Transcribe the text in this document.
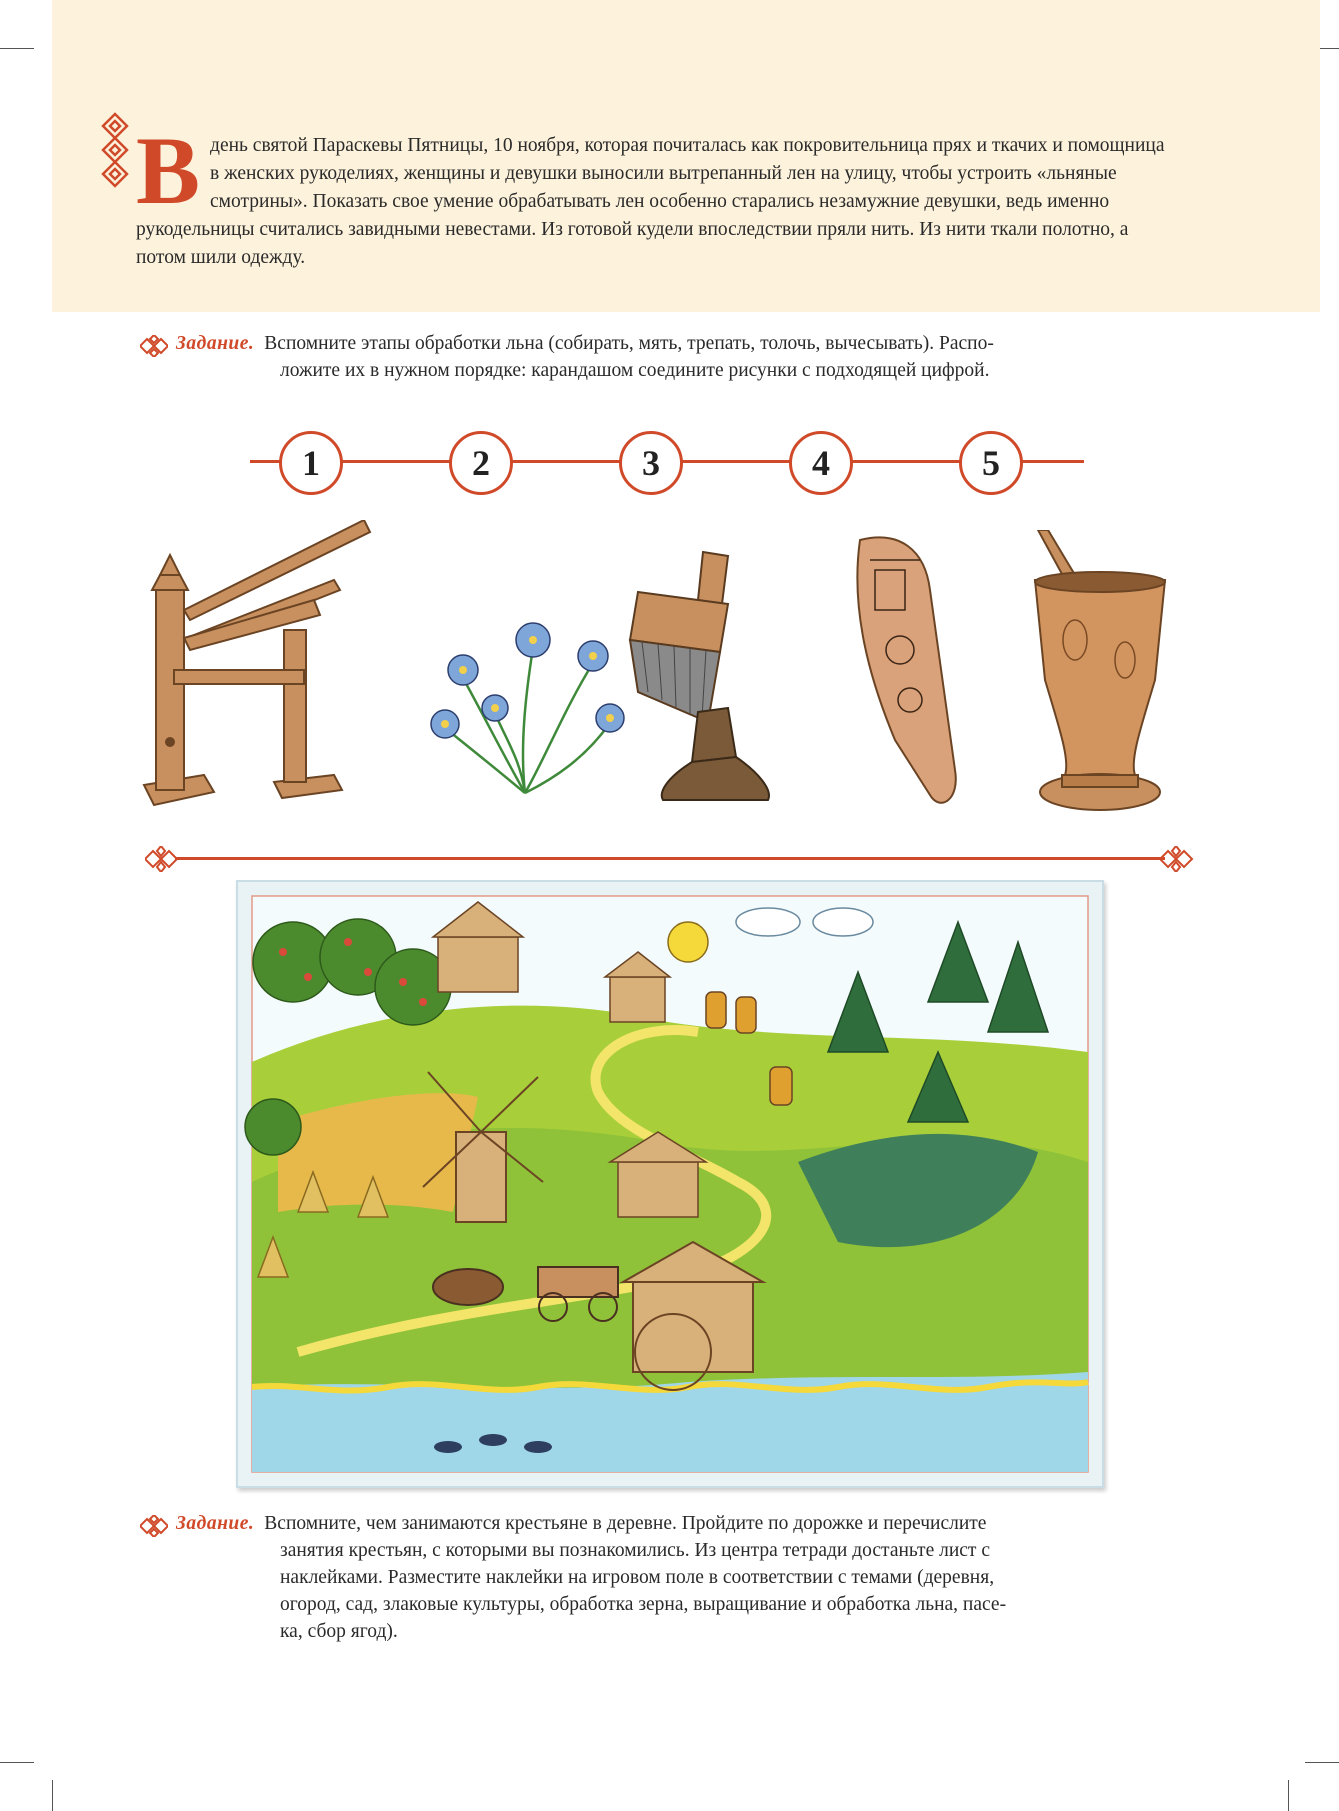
В день святой Параскевы Пятницы, 10 ноября, которая почиталась как покровительница прях и ткачих и помощница в женских рукоделиях, женщины и девушки выносили вытрепанный лен на улицу, чтобы устроить «льняные смотрины». Показать свое умение обрабатывать лен особенно старались незамужние девушки, ведь именно рукодельницы считались завидными невестами. Из готовой кудели впоследствии пряли нить. Из нити ткали полотно, а потом шили одежду.

Задание. Вспомните этапы обработки льна (собирать, мять, трепать, толочь, вычесывать). Распо-
ложите их в нужном порядке: карандашом соедините рисунки с подходящей цифрой.
1	2	3	4	5
Задание. Вспомните, чем занимаются крестьяне в деревне. Пройдите по дорожке и перечислите
занятия крестьян, с которыми вы познакомились. Из центра тетради достаньте лист с
наклейками. Разместите наклейки на игровом поле в соответствии с темами (деревня,
огород, сад, злаковые культуры, обработка зерна, выращивание и обработка льна, пасе-
ка, сбор ягод).
